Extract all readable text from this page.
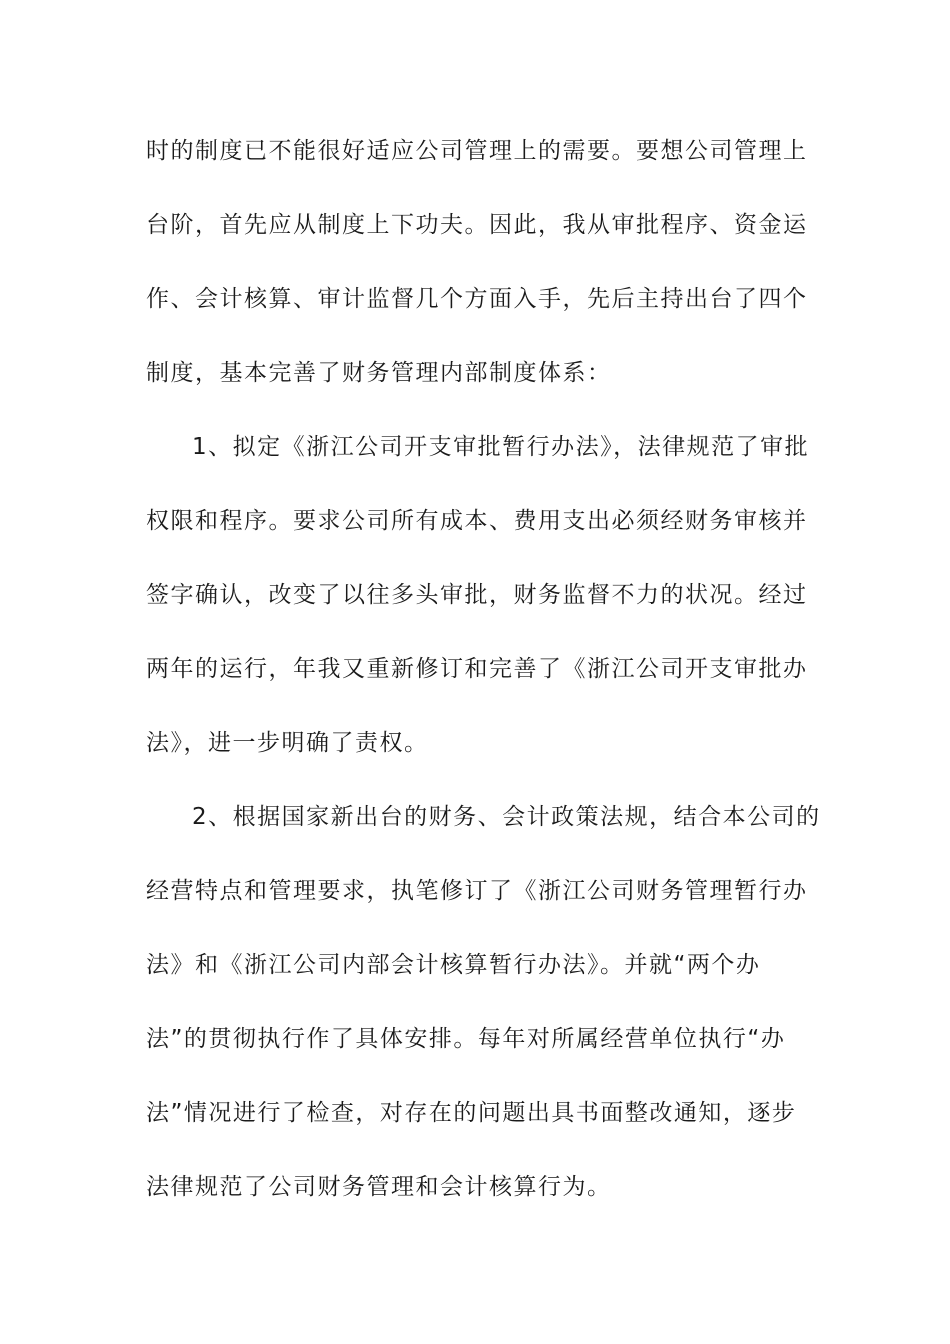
时的制度已不能很好适应公司管理上的需要。要想公司管理上
台阶，首先应从制度上下功夫。因此，我从审批程序、资金运
作、会计核算、审计监督几个方面入手，先后主持出台了四个
制度，基本完善了财务管理内部制度体系：
1、拟定《浙江公司开支审批暂行办法》，法律规范了审批
权限和程序。要求公司所有成本、费用支出必须经财务审核并
签字确认，改变了以往多头审批，财务监督不力的状况。经过
两年的运行，年我又重新修订和完善了《浙江公司开支审批办
法》，进一步明确了责权。
2、根据国家新出台的财务、会计政策法规，结合本公司的
经营特点和管理要求，执笔修订了《浙江公司财务管理暂行办
法》和《浙江公司内部会计核算暂行办法》。并就“两个办
法”的贯彻执行作了具体安排。每年对所属经营单位执行“办
法”情况进行了检查，对存在的问题出具书面整改通知，逐步
法律规范了公司财务管理和会计核算行为。
